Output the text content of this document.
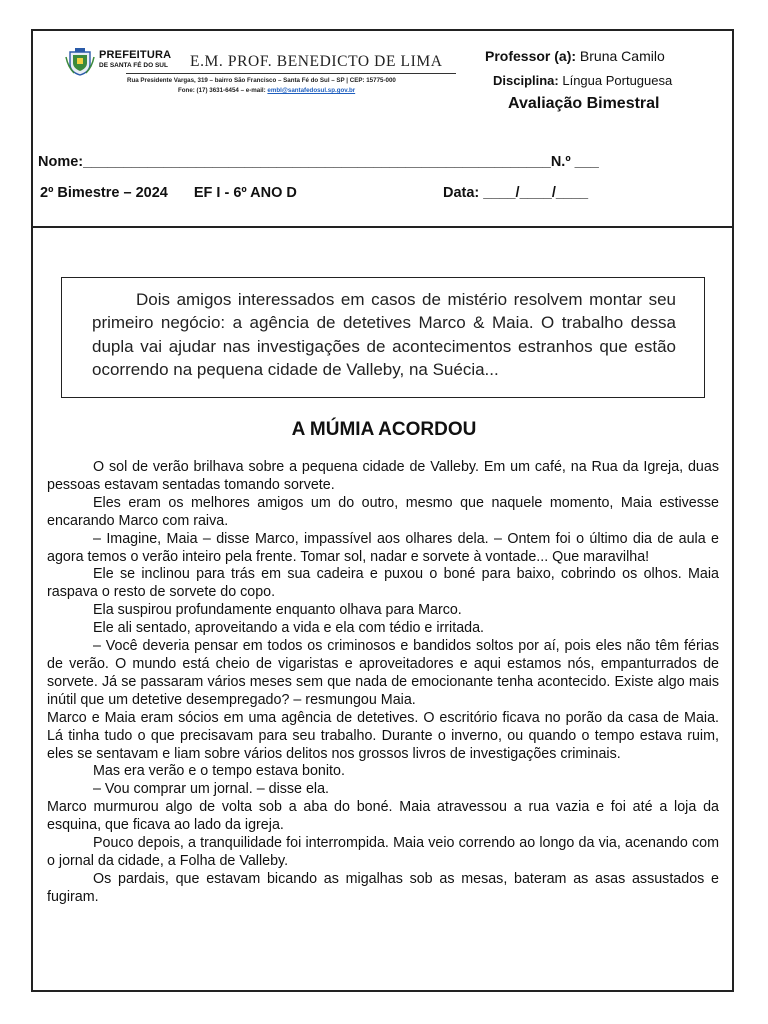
PREFEITURA
DE SANTA FÉ DO SUL E.M. PROF. BENEDICTO DE LIMA
Rua Presidente Vargas, 319 – bairro São Francisco – Santa Fé do Sul – SP | CEP: 15775-000
Fone: (17) 3631-6454 – e-mail: embl@santafedosul.sp.gov.br
Professor (a): Bruna Camilo
Disciplina: Língua Portuguesa
Avaliação Bimestral
Nome:__________________________________________________________N.º ___
2º Bimestre – 2024 EF I - 6º ANO D	Data: ____/____/____

Dois amigos interessados em casos de mistério resolvem montar seu primeiro negócio: a agência de detetives Marco & Maia. O trabalho dessa dupla vai ajudar nas investigações de acontecimentos estranhos que estão ocorrendo na pequena cidade de Valleby, na Suécia...

A MÚMIA ACORDOU

O sol de verão brilhava sobre a pequena cidade de Valleby. Em um café, na Rua da Igreja, duas pessoas estavam sentadas tomando sorvete.

Eles eram os melhores amigos um do outro, mesmo que naquele momento, Maia estivesse encarando Marco com raiva.

– Imagine, Maia – disse Marco, impassível aos olhares dela. – Ontem foi o último dia de aula e agora temos o verão inteiro pela frente. Tomar sol, nadar e sorvete à vontade... Que maravilha!

Ele se inclinou para trás em sua cadeira e puxou o boné para baixo, cobrindo os olhos. Maia raspava o resto de sorvete do copo.

Ela suspirou profundamente enquanto olhava para Marco.

Ele ali sentado, aproveitando a vida e ela com tédio e irritada.

– Você deveria pensar em todos os criminosos e bandidos soltos por aí, pois eles não têm férias de verão. O mundo está cheio de vigaristas e aproveitadores e aqui estamos nós, empanturrados de sorvete. Já se passaram vários meses sem que nada de emocionante tenha acontecido. Existe algo mais inútil que um detetive desempregado? – resmungou Maia.

Marco e Maia eram sócios em uma agência de detetives. O escritório ficava no porão da casa de Maia. Lá tinha tudo o que precisavam para seu trabalho. Durante o inverno, ou quando o tempo estava ruim, eles se sentavam e liam sobre vários delitos nos grossos livros de investigações criminais.

Mas era verão e o tempo estava bonito.

– Vou comprar um jornal. – disse ela.

Marco murmurou algo de volta sob a aba do boné. Maia atravessou a rua vazia e foi até a loja da esquina, que ficava ao lado da igreja.

Pouco depois, a tranquilidade foi interrompida. Maia veio correndo ao longo da via, acenando com o jornal da cidade, a Folha de Valleby.

Os pardais, que estavam bicando as migalhas sob as mesas, bateram as asas assustados e fugiram.
